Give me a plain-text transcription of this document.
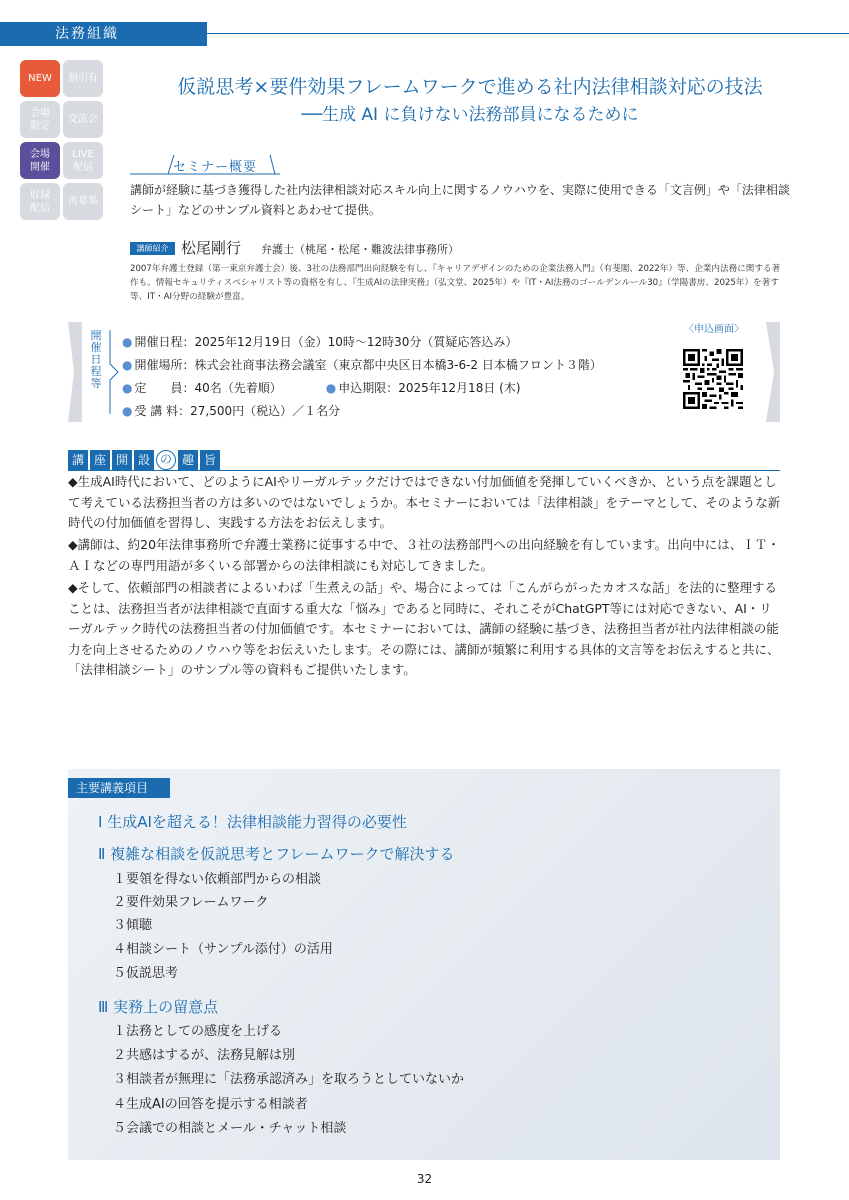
法務組織
NEW	割引有
会場
限定
交流会
会場
開催
LIVE
配信
収録
配信
再募集
仮説思考×要件効果フレームワークで進める社内法律相談対応の技法
──生成 AI に負けない法務部員になるために
セミナー概要
講師が経験に基づき獲得した社内法律相談対応スキル向上に関するノウハウを、実際に使用できる「文言例」や「法律相談シート」などのサンプル資料とあわせて提供。
講師紹介 松尾剛行 弁護士（桃尾・松尾・難波法律事務所）
2007年弁護士登録（第一東京弁護士会）後、3社の法務部門出向経験を有し、『キャリアデザインのための企業法務入門』（有斐閣、2022年）等、企業内法務に関する著作も。情報セキュリティスペシャリスト等の資格を有し、『生成AIの法律実務』（弘文堂、2025年）や『IT・AI法務のゴールデンルール30』（学陽書房、2025年）を著す等、IT・AI分野の経験が豊富。
開催日程等
● 開催日程：2025年12月19日（金）10時〜12時30分（質疑応答込み）
● 開催場所：株式会社商事法務会議室（東京都中央区日本橋3-6-2 日本橋フロント３階）
● 定　　員：40名（先着順）	● 申込期限：2025年12月18日 (木)
● 受 講 料：27,500円（税込）／１名分
〈申込画面〉
講 座 開 設 の 趣 旨
◆生成AI時代において、どのようにAIやリーガルテックだけではできない付加価値を発揮していくべきか、という点を課題として考えている法務担当者の方は多いのではないでしょうか。本セミナーにおいては「法律相談」をテーマとして、そのような新時代の付加価値を習得し、実践する方法をお伝えします。
◆講師は、約20年法律事務所で弁護士業務に従事する中で、３社の法務部門への出向経験を有しています。出向中には、ＩＴ・ＡＩなどの専門用語が多くいる部署からの法律相談にも対応してきました。
◆そして、依頼部門の相談者によるいわば「生煮えの話」や、場合によっては「こんがらがったカオスな話」を法的に整理することは、法務担当者が法律相談で直面する重大な「悩み」であると同時に、それこそがChatGPT等には対応できない、AI・リーガルテック時代の法務担当者の付加価値です。本セミナーにおいては、講師の経験に基づき、法務担当者が社内法律相談の能力を向上させるためのノウハウ等をお伝えいたします。その際には、講師が頻繁に利用する具体的文言等をお伝えすると共に、「法律相談シート」のサンプル等の資料もご提供いたします。
主要講義項目
Ⅰ 生成AIを超える！法律相談能力習得の必要性
Ⅱ 複雑な相談を仮説思考とフレームワークで解決する
１要領を得ない依頼部門からの相談
２要件効果フレームワーク
３傾聴
４相談シート（サンプル添付）の活用
５仮説思考
Ⅲ 実務上の留意点
１法務としての感度を上げる
２共感はするが、法務見解は別
３相談者が無理に「法務承認済み」を取ろうとしていないか
４生成AIの回答を提示する相談者
５会議での相談とメール・チャット相談
32
